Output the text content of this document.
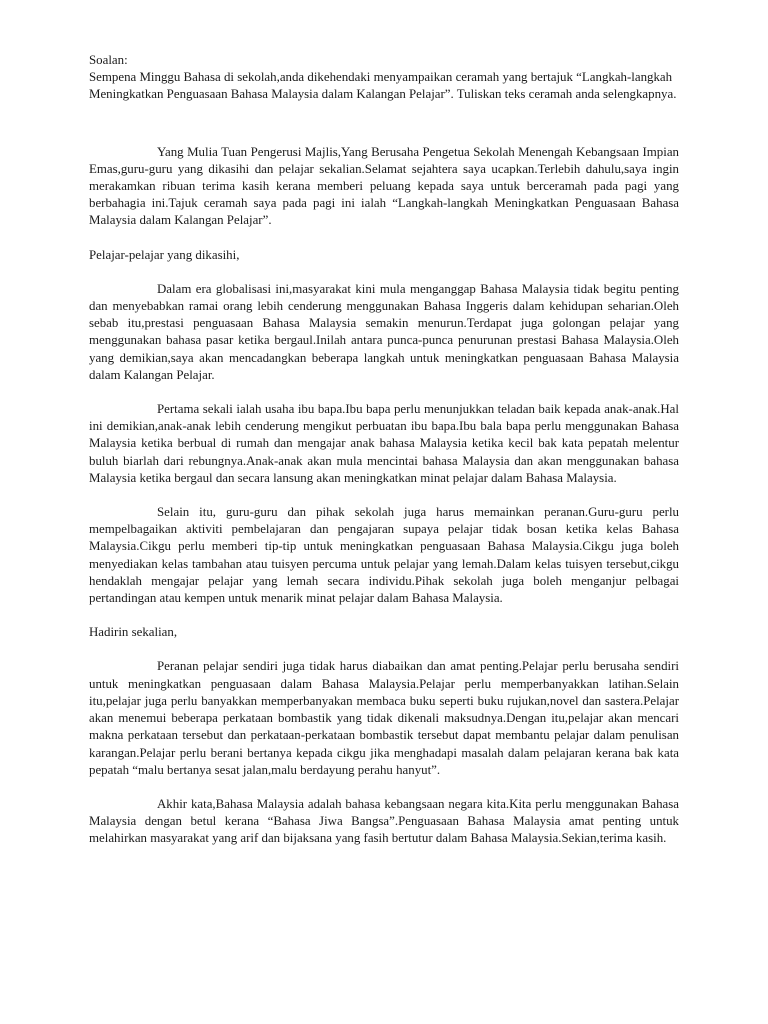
Soalan:

Sempena Minggu Bahasa di sekolah,anda dikehendaki menyampaikan ceramah yang bertajuk “Langkah-langkah Meningkatkan Penguasaan Bahasa Malaysia dalam Kalangan Pelajar”. Tuliskan teks ceramah anda selengkapnya.

Yang Mulia Tuan Pengerusi Majlis,Yang Berusaha Pengetua Sekolah Menengah Kebangsaan Impian Emas,guru-guru yang dikasihi dan pelajar sekalian.Selamat sejahtera saya ucapkan.Terlebih dahulu,saya ingin merakamkan ribuan terima kasih kerana memberi peluang kepada saya untuk berceramah pada pagi yang berbahagia ini.Tajuk ceramah saya pada pagi ini ialah “Langkah-langkah Meningkatkan Penguasaan Bahasa Malaysia dalam Kalangan Pelajar”.

Pelajar-pelajar yang dikasihi,

Dalam era globalisasi ini,masyarakat kini mula menganggap Bahasa Malaysia tidak begitu penting dan menyebabkan ramai orang lebih cenderung menggunakan Bahasa Inggeris dalam kehidupan seharian.Oleh sebab itu,prestasi penguasaan Bahasa Malaysia semakin menurun.Terdapat juga golongan pelajar yang menggunakan bahasa pasar ketika bergaul.Inilah antara punca-punca penurunan prestasi Bahasa Malaysia.Oleh yang demikian,saya akan mencadangkan beberapa langkah untuk meningkatkan penguasaan Bahasa Malaysia dalam Kalangan Pelajar.

Pertama sekali ialah usaha ibu bapa.Ibu bapa perlu menunjukkan teladan baik kepada anak-anak.Hal ini demikian,anak-anak lebih cenderung mengikut perbuatan ibu bapa.Ibu bala bapa perlu menggunakan Bahasa Malaysia ketika berbual di rumah dan mengajar anak bahasa Malaysia ketika kecil bak kata pepatah melentur buluh biarlah dari rebungnya.Anak-anak akan mula mencintai bahasa Malaysia dan akan menggunakan bahasa Malaysia ketika bergaul dan secara lansung akan meningkatkan minat pelajar dalam Bahasa Malaysia.

Selain itu, guru-guru dan pihak sekolah juga harus memainkan peranan.Guru-guru perlu mempelbagaikan aktiviti pembelajaran dan pengajaran supaya pelajar tidak bosan ketika kelas Bahasa Malaysia.Cikgu perlu memberi tip-tip untuk meningkatkan penguasaan Bahasa Malaysia.Cikgu juga boleh menyediakan kelas tambahan atau tuisyen percuma untuk pelajar yang lemah.Dalam kelas tuisyen tersebut,cikgu hendaklah mengajar pelajar yang lemah secara individu.Pihak sekolah juga boleh menganjur pelbagai pertandingan atau kempen untuk menarik minat pelajar dalam Bahasa Malaysia.

Hadirin sekalian,

Peranan pelajar sendiri juga tidak harus diabaikan dan amat penting.Pelajar perlu berusaha sendiri untuk meningkatkan penguasaan dalam Bahasa Malaysia.Pelajar perlu memperbanyakkan latihan.Selain itu,pelajar juga perlu banyakkan memperbanyakan membaca buku seperti buku rujukan,novel dan sastera.Pelajar akan menemui beberapa perkataan bombastik yang tidak dikenali maksudnya.Dengan itu,pelajar akan mencari makna perkataan tersebut dan perkataan-perkataan bombastik tersebut dapat membantu pelajar dalam penulisan karangan.Pelajar perlu berani bertanya kepada cikgu jika menghadapi masalah dalam pelajaran kerana bak kata pepatah “malu bertanya sesat jalan,malu berdayung perahu hanyut”.

Akhir kata,Bahasa Malaysia adalah bahasa kebangsaan negara kita.Kita perlu menggunakan Bahasa Malaysia dengan betul kerana “Bahasa Jiwa Bangsa”.Penguasaan Bahasa Malaysia amat penting untuk melahirkan masyarakat yang arif dan bijaksana yang fasih bertutur dalam Bahasa Malaysia.Sekian,terima kasih.
